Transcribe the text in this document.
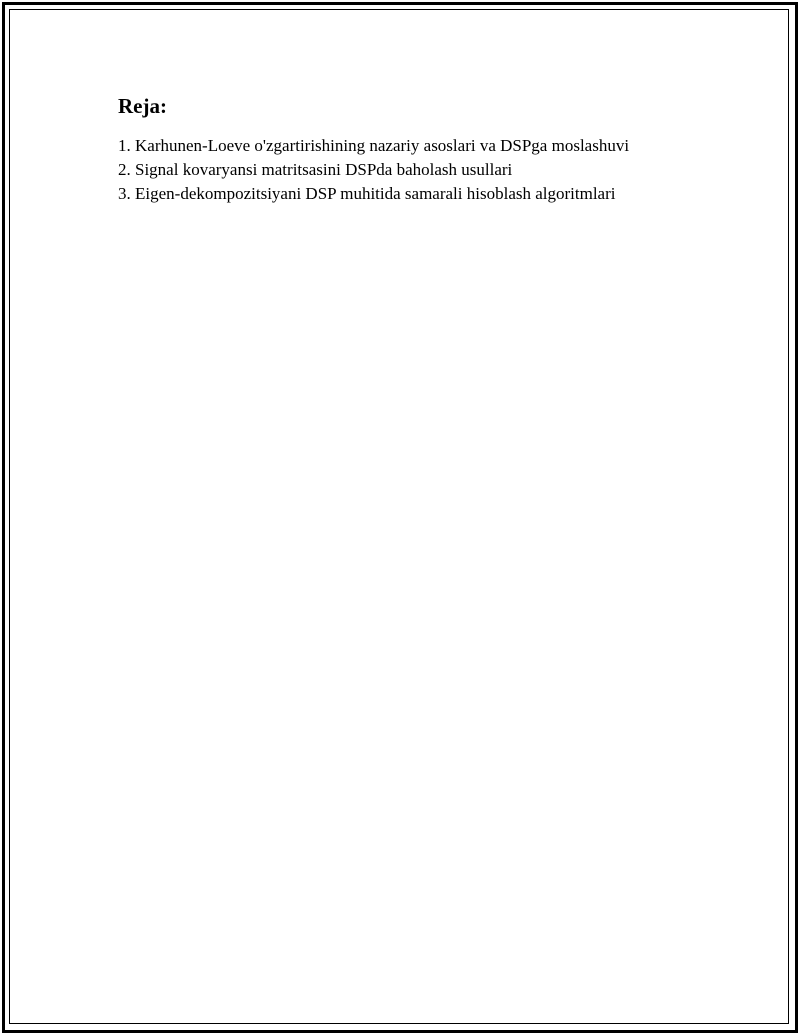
Reja:
1. Karhunen-Loeve o'zgartirishining nazariy asoslari va DSPga moslashuvi
2. Signal kovaryansi matritsasini DSPda baholash usullari
3. Eigen-dekompozitsiyani DSP muhitida samarali hisoblash algoritmlari
